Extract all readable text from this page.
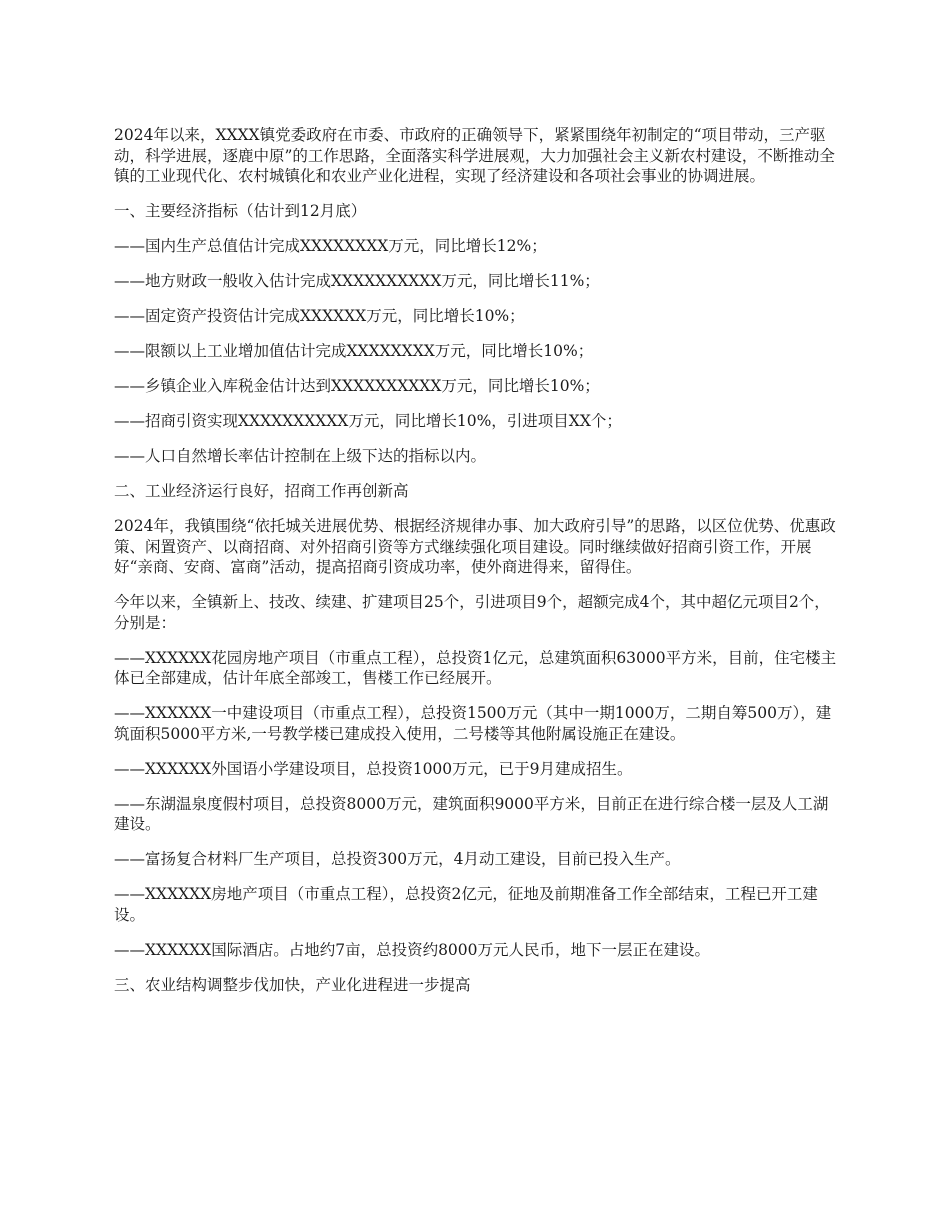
2024年以来，XXXX镇党委政府在市委、市政府的正确领导下，紧紧围绕年初制定的“项目带动，三产驱动，科学进展，逐鹿中原”的工作思路，全面落实科学进展观，大力加强社会主义新农村建设，不断推动全镇的工业现代化、农村城镇化和农业产业化进程，实现了经济建设和各项社会事业的协调进展。

一、主要经济指标（估计到12月底）

——国内生产总值估计完成XXXXXXXX万元，同比增长12%；

——地方财政一般收入估计完成XXXXXXXXXX万元，同比增长11%；

——固定资产投资估计完成XXXXXX万元，同比增长10%；

——限额以上工业增加值估计完成XXXXXXXX万元，同比增长10%；

——乡镇企业入库税金估计达到XXXXXXXXXX万元，同比增长10%；

——招商引资实现XXXXXXXXXX万元，同比增长10%，引进项目XX个；

——人口自然增长率估计控制在上级下达的指标以内。

二、工业经济运行良好，招商工作再创新高

2024年，我镇围绕“依托城关进展优势、根据经济规律办事、加大政府引导”的思路，以区位优势、优惠政策、闲置资产、以商招商、对外招商引资等方式继续强化项目建设。同时继续做好招商引资工作，开展好“亲商、安商、富商”活动，提高招商引资成功率，使外商进得来，留得住。

今年以来，全镇新上、技改、续建、扩建项目25个，引进项目9个，超额完成4个，其中超亿元项目2个，分别是：

——XXXXXX花园房地产项目（市重点工程），总投资1亿元，总建筑面积63000平方米，目前，住宅楼主体已全部建成，估计年底全部竣工，售楼工作已经展开。

——XXXXXX一中建设项目（市重点工程），总投资1500万元（其中一期1000万，二期自筹500万），建筑面积5000平方米,一号教学楼已建成投入使用，二号楼等其他附属设施正在建设。

——XXXXXX外国语小学建设项目，总投资1000万元，已于9月建成招生。

——东湖温泉度假村项目，总投资8000万元，建筑面积9000平方米，目前正在进行综合楼一层及人工湖建设。

——富扬复合材料厂生产项目，总投资300万元，4月动工建设，目前已投入生产。

——XXXXXX房地产项目（市重点工程），总投资2亿元，征地及前期准备工作全部结束，工程已开工建设。

——XXXXXX国际酒店。占地约7亩，总投资约8000万元人民币，地下一层正在建设。

三、农业结构调整步伐加快，产业化进程进一步提高
